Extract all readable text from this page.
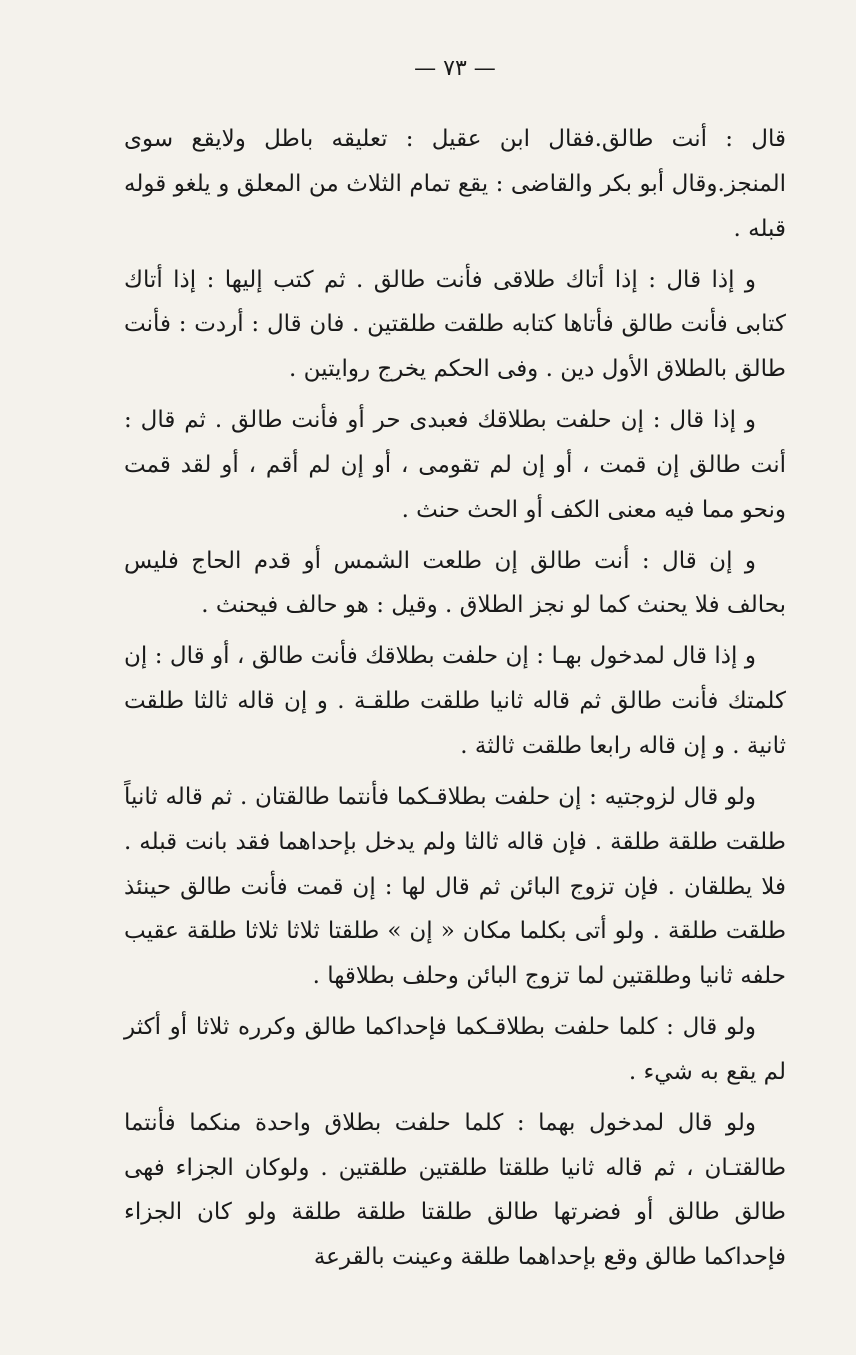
— ٧٣ —

قال : أنت طالق.فقال ابن عقيل : تعليقه باطل ولايقع سوى المنجز.وقال أبو بكر والقاضى : يقع تمام الثلاث من المعلق و يلغو قوله قبله .

و إذا قال : إذا أتاك طلاقى فأنت طالق . ثم كتب إليها : إذا أتاك كتابى فأنت طالق فأتاها كتابه طلقت طلقتين . فان قال : أردت : فأنت طالق بالطلاق الأول دين . وفى الحكم يخرج روايتين .

و إذا قال : إن حلفت بطلاقك فعبدى حر أو فأنت طالق . ثم قال : أنت طالق إن قمت ، أو إن لم تقومى ، أو إن لم أقم ، أو لقد قمت ونحو مما فيه معنى الكف أو الحث حنث .

و إن قال : أنت طالق إن طلعت الشمس أو قدم الحاج فليس بحالف فلا يحنث كما لو نجز الطلاق . وقيل : هو حالف فيحنث .

و إذا قال لمدخول بهـا : إن حلفت بطلاقك فأنت طالق ، أو قال : إن كلمتك فأنت طالق ثم قاله ثانيا طلقت طلقـة . و إن قاله ثالثا طلقت ثانية . و إن قاله رابعا طلقت ثالثة .

ولو قال لزوجتيه : إن حلفت بطلاقـكما فأنتما طالقتان . ثم قاله ثانياً طلقت طلقة طلقة . فإن قاله ثالثا ولم يدخل بإحداهما فقد بانت قبله . فلا يطلقان . فإن تزوج البائن ثم قال لها : إن قمت فأنت طالق حينئذ طلقت طلقة . ولو أتى بكلما مكان « إن » طلقتا ثلاثا ثلاثا طلقة عقيب حلفه ثانيا وطلقتين لما تزوج البائن وحلف بطلاقها .

ولو قال : كلما حلفت بطلاقـكما فإحداكما طالق وكرره ثلاثا أو أكثر لم يقع به شيء .

ولو قال لمدخول بهما : كلما حلفت بطلاق واحدة منكما فأنتما طالقتـان ، ثم قاله ثانيا طلقتا طلقتين طلقتين . ولوكان الجزاء فهى طالق طالق أو فضرتها طالق طلقتا طلقة طلقة ولو كان الجزاء فإحداكما طالق وقع بإحداهما طلقة وعينت بالقرعة
